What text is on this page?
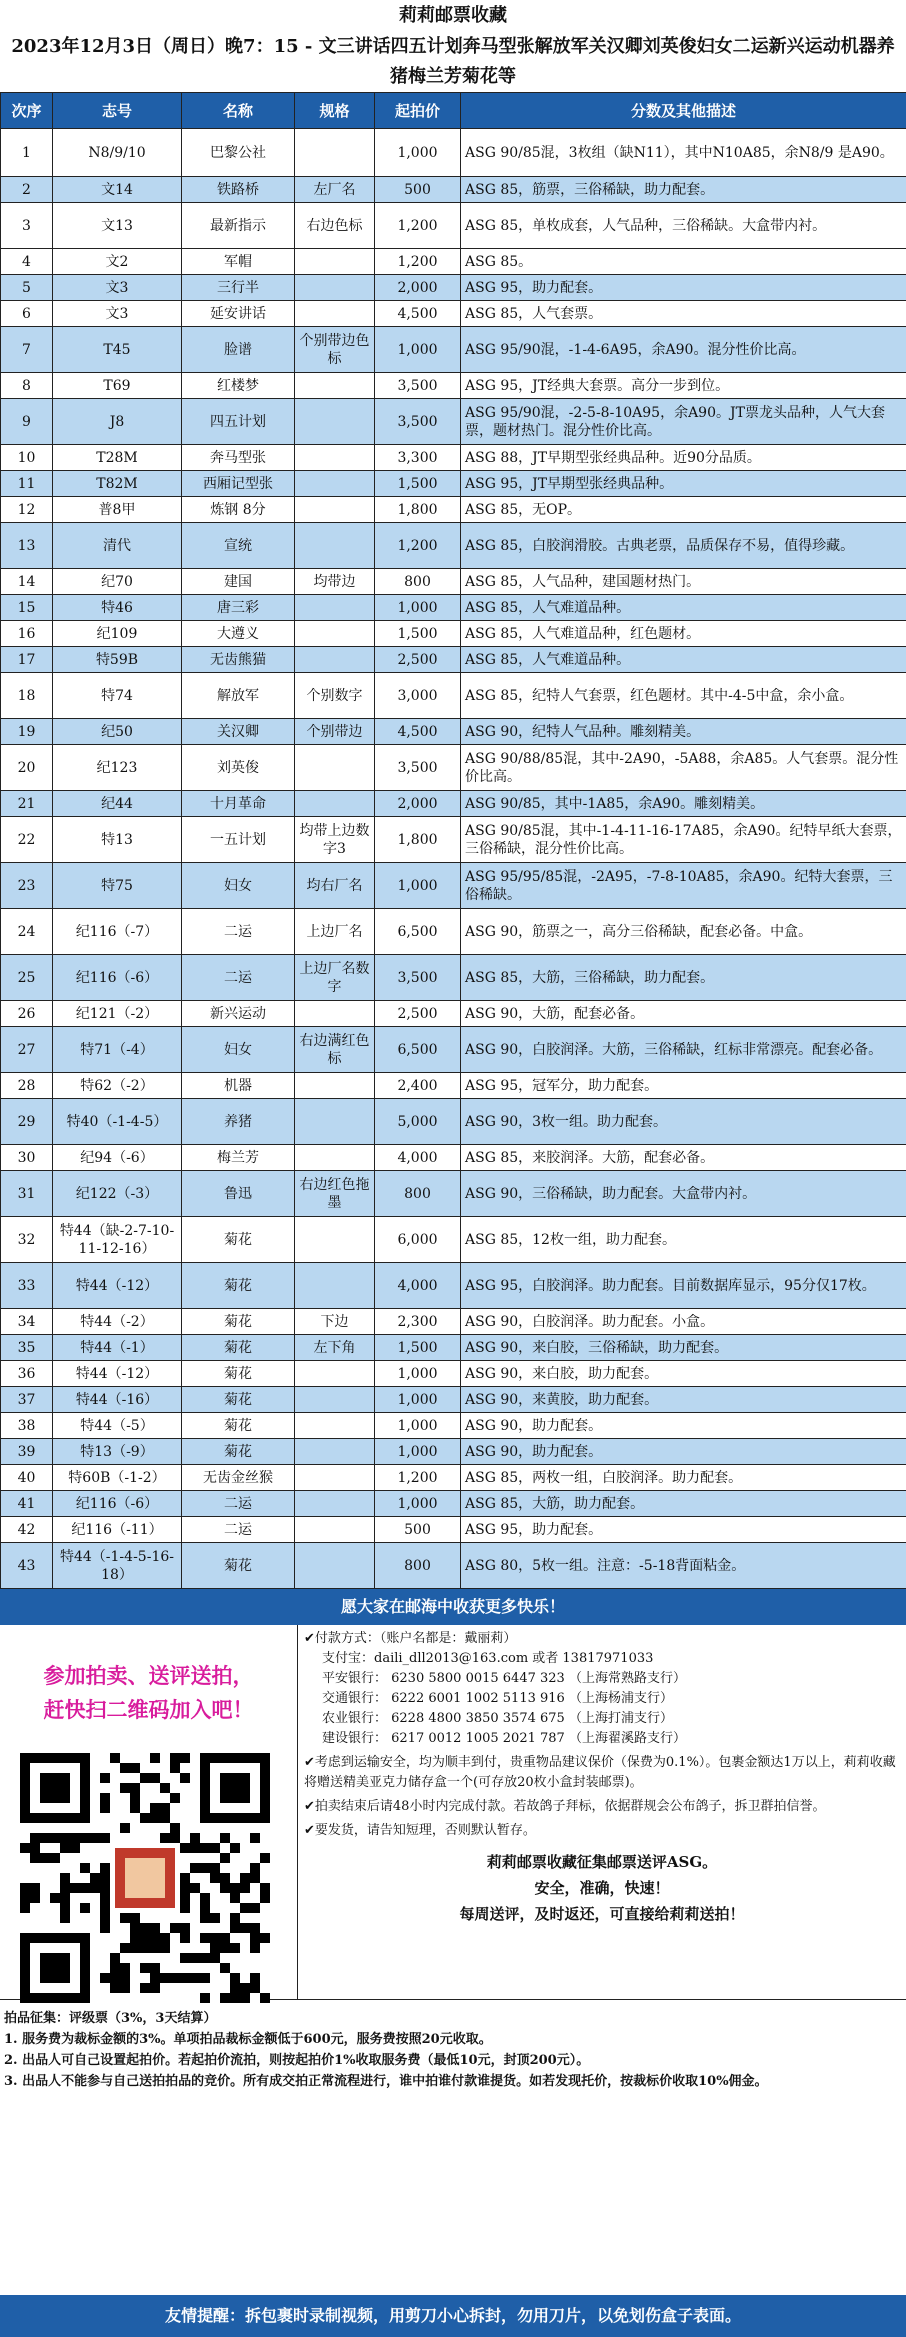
莉莉邮票收藏
2023年12月3日（周日）晚7：15 - 文三讲话四五计划奔马型张解放军关汉卿刘英俊妇女二运新兴运动机器养猪梅兰芳菊花等
次序	志号	名称	规格	起拍价	分数及其他描述
1	N8/9/10	巴黎公社		1,000	ASG 90/85混，3枚组（缺N11），其中N10A85，余N8/9 是A90。
2	文14	铁路桥	左厂名	500	ASG 85，筋票，三俗稀缺，助力配套。
3	文13	最新指示	右边色标	1,200	ASG 85，单枚成套，人气品种，三俗稀缺。大盒带内衬。
4	文2	军帽		1,200	ASG 85。
5	文3	三行半		2,000	ASG 95，助力配套。
6	文3	延安讲话		4,500	ASG 85，人气套票。
7	T45	脸谱	个别带边色标	1,000	ASG 95/90混，-1-4-6A95，余A90。混分性价比高。
8	T69	红楼梦		3,500	ASG 95，JT经典大套票。高分一步到位。
9	J8	四五计划		3,500	ASG 95/90混，-2-5-8-10A95，余A90。JT票龙头品种，人气大套票，题材热门。混分性价比高。
10	T28M	奔马型张		3,300	ASG 88，JT早期型张经典品种。近90分品质。
11	T82M	西厢记型张		1,500	ASG 95，JT早期型张经典品种。
12	普8甲	炼钢 8分		1,800	ASG 85，无OP。
13	清代	宣统		1,200	ASG 85，白胶润滑胶。古典老票，品质保存不易，值得珍藏。
14	纪70	建国	均带边	800	ASG 85，人气品种，建国题材热门。
15	特46	唐三彩		1,000	ASG 85，人气难道品种。
16	纪109	大遵义		1,500	ASG 85，人气难道品种，红色题材。
17	特59B	无齿熊猫		2,500	ASG 85，人气难道品种。
18	特74	解放军	个别数字	3,000	ASG 85，纪特人气套票，红色题材。其中-4-5中盒，余小盒。
19	纪50	关汉卿	个别带边	4,500	ASG 90，纪特人气品种。雕刻精美。
20	纪123	刘英俊		3,500	ASG 90/88/85混，其中-2A90，-5A88，余A85。人气套票。混分性价比高。
21	纪44	十月革命		2,000	ASG 90/85，其中-1A85，余A90。雕刻精美。
22	特13	一五计划	均带上边数字3	1,800	ASG 90/85混，其中-1-4-11-16-17A85，余A90。纪特早纸大套票，三俗稀缺，混分性价比高。
23	特75	妇女	均右厂名	1,000	ASG 95/95/85混，-2A95，-7-8-10A85，余A90。纪特大套票，三俗稀缺。
24	纪116（-7）	二运	上边厂名	6,500	ASG 90，筋票之一，高分三俗稀缺，配套必备。中盒。
25	纪116（-6）	二运	上边厂名数字	3,500	ASG 85，大筋，三俗稀缺，助力配套。
26	纪121（-2）	新兴运动		2,500	ASG 90，大筋，配套必备。
27	特71（-4）	妇女	右边满红色标	6,500	ASG 90，白胶润泽。大筋，三俗稀缺，红标非常漂亮。配套必备。
28	特62（-2）	机器		2,400	ASG 95，冠军分，助力配套。
29	特40（-1-4-5）	养猪		5,000	ASG 90，3枚一组。助力配套。
30	纪94（-6）	梅兰芳		4,000	ASG 85，来胶润泽。大筋，配套必备。
31	纪122（-3）	鲁迅	右边红色拖墨	800	ASG 90，三俗稀缺，助力配套。大盒带内衬。
32	特44（缺-2-7-10-11-12-16）	菊花		6,000	ASG 85，12枚一组，助力配套。
33	特44（-12）	菊花		4,000	ASG 95，白胶润泽。助力配套。目前数据库显示，95分仅17枚。
34	特44（-2）	菊花	下边	2,300	ASG 90，白胶润泽。助力配套。小盒。
35	特44（-1）	菊花	左下角	1,500	ASG 90，来白胶，三俗稀缺，助力配套。
36	特44（-12）	菊花		1,000	ASG 90，来白胶，助力配套。
37	特44（-16）	菊花		1,000	ASG 90，来黄胶，助力配套。
38	特44（-5）	菊花		1,000	ASG 90，助力配套。
39	特13（-9）	菊花		1,000	ASG 90，助力配套。
40	特60B（-1-2）	无齿金丝猴		1,200	ASG 85，两枚一组，白胶润泽。助力配套。
41	纪116（-6）	二运		1,000	ASG 85，大筋，助力配套。
42	纪116（-11）	二运		500	ASG 95，助力配套。
43	特44（-1-4-5-16-18）	菊花		800	ASG 80，5枚一组。注意：-5-18背面粘金。
愿大家在邮海中收获更多快乐！
参加拍卖、送评送拍，
赶快扫二维码加入吧！
✔付款方式：（账户名都是：戴丽莉）
支付宝：daili_dll2013@163.com 或者 13817971033
平安银行： 6230 5800 0015 6447 323 （上海常熟路支行）
交通银行： 6222 6001 1002 5113 916 （上海杨浦支行）
农业银行： 6228 4800 3850 3574 675 （上海打浦支行）
建设银行： 6217 0012 1005 2021 787 （上海翟溪路支行）
✔考虑到运输安全，均为顺丰到付，贵重物品建议保价（保费为0.1%）。包裹金额达1万以上，莉莉收藏将赠送精美亚克力储存盒一个(可存放20枚小盒封装邮票)。
✔拍卖结束后请48小时内完成付款。若故鸽子拜标，依据群规会公布鸽子，拆卫群拍信誉。
✔要发货，请告知短理，否则默认暂存。
莉莉邮票收藏征集邮票送评ASG。
安全，准确，快速！
每周送评，及时返还，可直接给莉莉送拍！
拍品征集：评级票（3%，3天结算）
1. 服务费为裁标金额的3%。单项拍品裁标金额低于600元，服务费按照20元收取。
2. 出品人可自己设置起拍价。若起拍价流拍，则按起拍价1%收取服务费（最低10元，封顶200元）。
3. 出品人不能参与自己送拍拍品的竞价。所有成交拍正常流程进行，谁中拍谁付款谁提货。如若发现托价，按裁标价收取10%佣金。
友情提醒：拆包裹时录制视频，用剪刀小心拆封，勿用刀片，以免划伤盒子表面。
